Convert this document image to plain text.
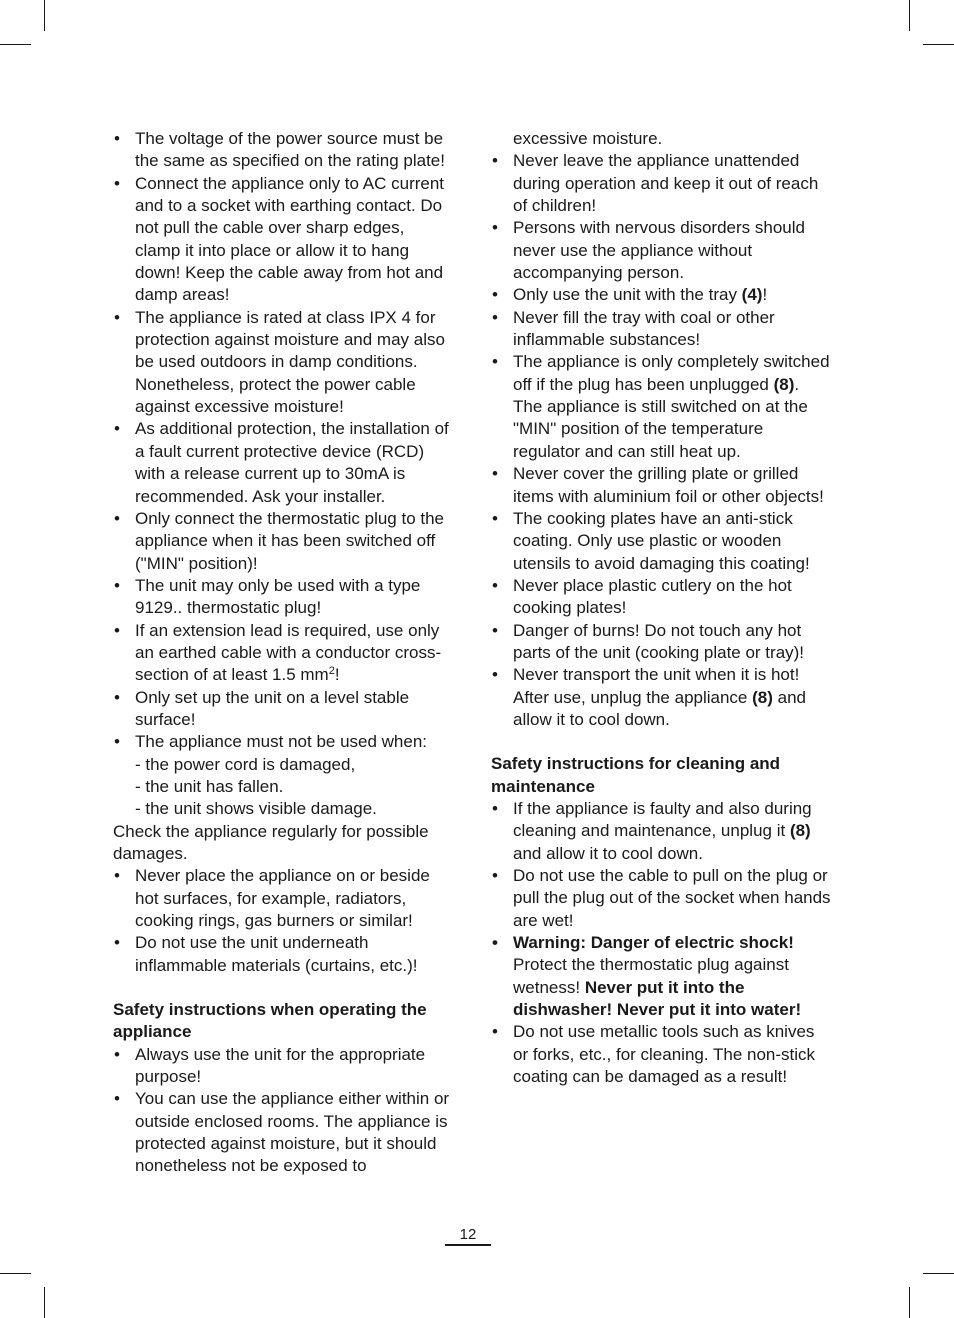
• The voltage of the power source must be the same as specified on the rating plate!
• Connect the appliance only to AC current and to a socket with earthing contact. Do not pull the cable over sharp edges, clamp it into place or allow it to hang down! Keep the cable away from hot and damp areas!
• The appliance is rated at class IPX 4 for protection against moisture and may also be used outdoors in damp conditions. Nonetheless, protect the power cable against excessive moisture!
• As additional protection, the installation of a fault current protective device (RCD) with a release current up to 30mA is recommended. Ask your installer.
• Only connect the thermostatic plug to the appliance when it has been switched off ("MIN" position)!
• The unit may only be used with a type 9129.. thermostatic plug!
• If an extension lead is required, use only an earthed cable with a conductor cross-section of at least 1.5 $mm^2$!
• Only set up the unit on a level stable surface!
• The appliance must not be used when:
- the power cord is damaged,
- the unit has fallen.
- the unit shows visible damage.

Check the appliance regularly for possible damages.

• Never place the appliance on or beside hot surfaces, for example, radiators, cooking rings, gas burners or similar!
• Do not use the unit underneath inflammable materials (curtains, etc.)!

Safety instructions when operating the appliance

• Always use the unit for the appropriate purpose!
• You can use the appliance either within or outside enclosed rooms. The appliance is protected against moisture, but it should nonetheless not be exposed to
excessive moisture.
• Never leave the appliance unattended during operation and keep it out of reach of children!
• Persons with nervous disorders should never use the appliance without accompanying person.
• Only use the unit with the tray (4)!
• Never fill the tray with coal or other inflammable substances!
• The appliance is only completely switched off if the plug has been unplugged (8).
The appliance is still switched on at the "MIN" position of the temperature regulator and can still heat up.
• Never cover the grilling plate or grilled items with aluminium foil or other objects!
• The cooking plates have an anti-stick coating. Only use plastic or wooden utensils to avoid damaging this coating!
• Never place plastic cutlery on the hot cooking plates!
• Danger of burns! Do not touch any hot parts of the unit (cooking plate or tray)!
• Never transport the unit when it is hot!
After use, unplug the appliance (8) and allow it to cool down.

Safety instructions for cleaning and maintenance

• If the appliance is faulty and also during cleaning and maintenance, unplug it (8) and allow it to cool down.
• Do not use the cable to pull on the plug or pull the plug out of the socket when hands are wet!
• Warning: Danger of electric shock!
Protect the thermostatic plug against wetness! Never put it into the dishwasher! Never put it into water!
• Do not use metallic tools such as knives or forks, etc., for cleaning. The non-stick coating can be damaged as a result!
12
